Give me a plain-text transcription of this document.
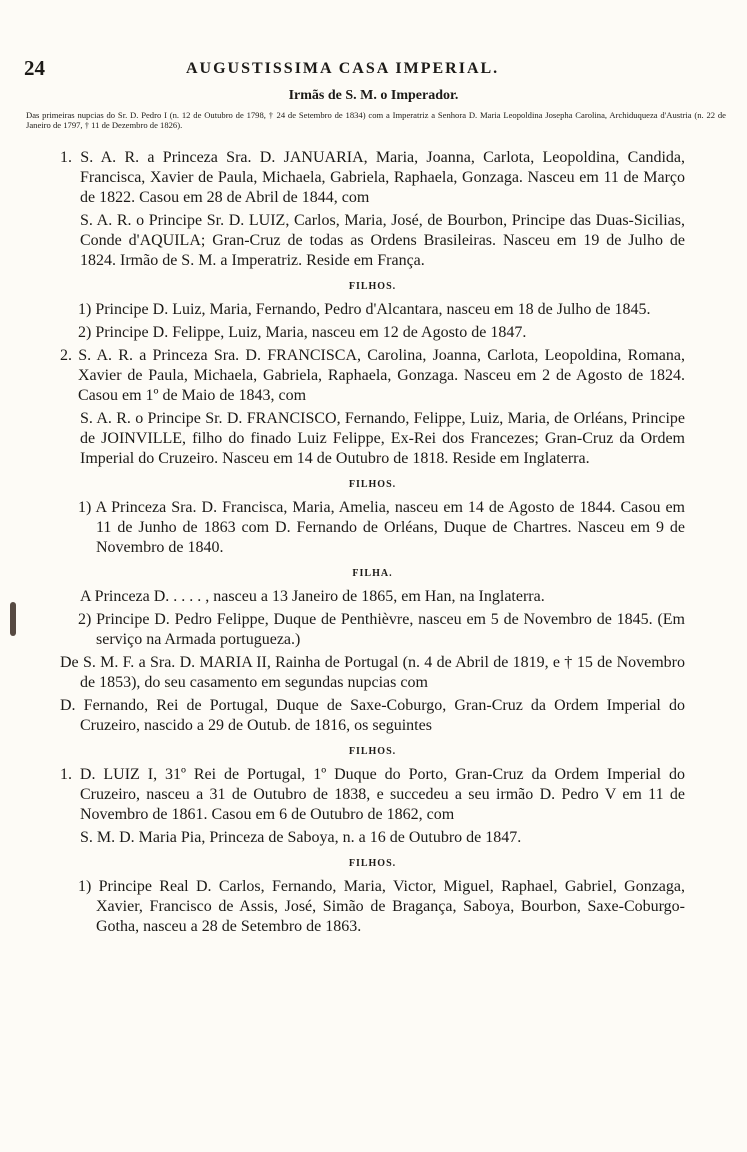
24	AUGUSTISSIMA CASA IMPERIAL.
Irmãs de S. M. o Imperador.
Das primeiras nupcias do Sr. D. Pedro I (n. 12 de Outubro de 1798, † 24 de Setembro de 1834) com a Imperatriz a Senhora D. Maria Leopoldina Josepha Carolina, Archiduqueza d'Austria (n. 22 de Janeiro de 1797, † 11 de Dezembro de 1826).

1. S. A. R. a Princeza Sra. D. JANUARIA, Maria, Joanna, Carlota, Leopoldina, Candida, Francisca, Xavier de Paula, Michaela, Gabriela, Raphaela, Gonzaga. Nasceu em 11 de Março de 1822. Casou em 28 de Abril de 1844, com

S. A. R. o Principe Sr. D. LUIZ, Carlos, Maria, José, de Bourbon, Principe das Duas-Sicilias, Conde d'AQUILA; Gran-Cruz de todas as Ordens Brasileiras. Nasceu em 19 de Julho de 1824. Irmão de S. M. a Imperatriz. Reside em França.

FILHOS.

1) Principe D. Luiz, Maria, Fernando, Pedro d'Alcantara, nasceu em 18 de Julho de 1845.

2) Principe D. Felippe, Luiz, Maria, nasceu em 12 de Agosto de 1847.

2. S. A. R. a Princeza Sra. D. FRANCISCA, Carolina, Joanna, Carlota, Leopoldina, Romana, Xavier de Paula, Michaela, Gabriela, Raphaela, Gonzaga. Nasceu em 2 de Agosto de 1824. Casou em 1º de Maio de 1843, com

S. A. R. o Principe Sr. D. FRANCISCO, Fernando, Felippe, Luiz, Maria, de Orléans, Principe de JOINVILLE, filho do finado Luiz Felippe, Ex-Rei dos Francezes; Gran-Cruz da Ordem Imperial do Cruzeiro. Nasceu em 14 de Outubro de 1818. Reside em Inglaterra.

FILHOS.

1) A Princeza Sra. D. Francisca, Maria, Amelia, nasceu em 14 de Agosto de 1844. Casou em 11 de Junho de 1863 com D. Fernando de Orléans, Duque de Chartres. Nasceu em 9 de Novembro de 1840.

FILHA.

A Princeza D. . . . . , nasceu a 13 Janeiro de 1865, em Han, na Inglaterra.

2) Principe D. Pedro Felippe, Duque de Penthièvre, nasceu em 5 de Novembro de 1845. (Em serviço na Armada portugueza.)

De S. M. F. a Sra. D. MARIA II, Rainha de Portugal (n. 4 de Abril de 1819, e † 15 de Novembro de 1853), do seu casamento em segundas nupcias com

D. Fernando, Rei de Portugal, Duque de Saxe-Coburgo, Gran-Cruz da Ordem Imperial do Cruzeiro, nascido a 29 de Outub. de 1816, os seguintes

FILHOS.

1. D. LUIZ I, 31º Rei de Portugal, 1º Duque do Porto, Gran-Cruz da Ordem Imperial do Cruzeiro, nasceu a 31 de Outubro de 1838, e succedeu a seu irmão D. Pedro V em 11 de Novembro de 1861. Casou em 6 de Outubro de 1862, com

S. M. D. Maria Pia, Princeza de Saboya, n. a 16 de Outubro de 1847.

FILHOS.

1) Principe Real D. Carlos, Fernando, Maria, Victor, Miguel, Raphael, Gabriel, Gonzaga, Xavier, Francisco de Assis, José, Simão de Bragança, Saboya, Bourbon, Saxe-Coburgo-Gotha, nasceu a 28 de Setembro de 1863.
